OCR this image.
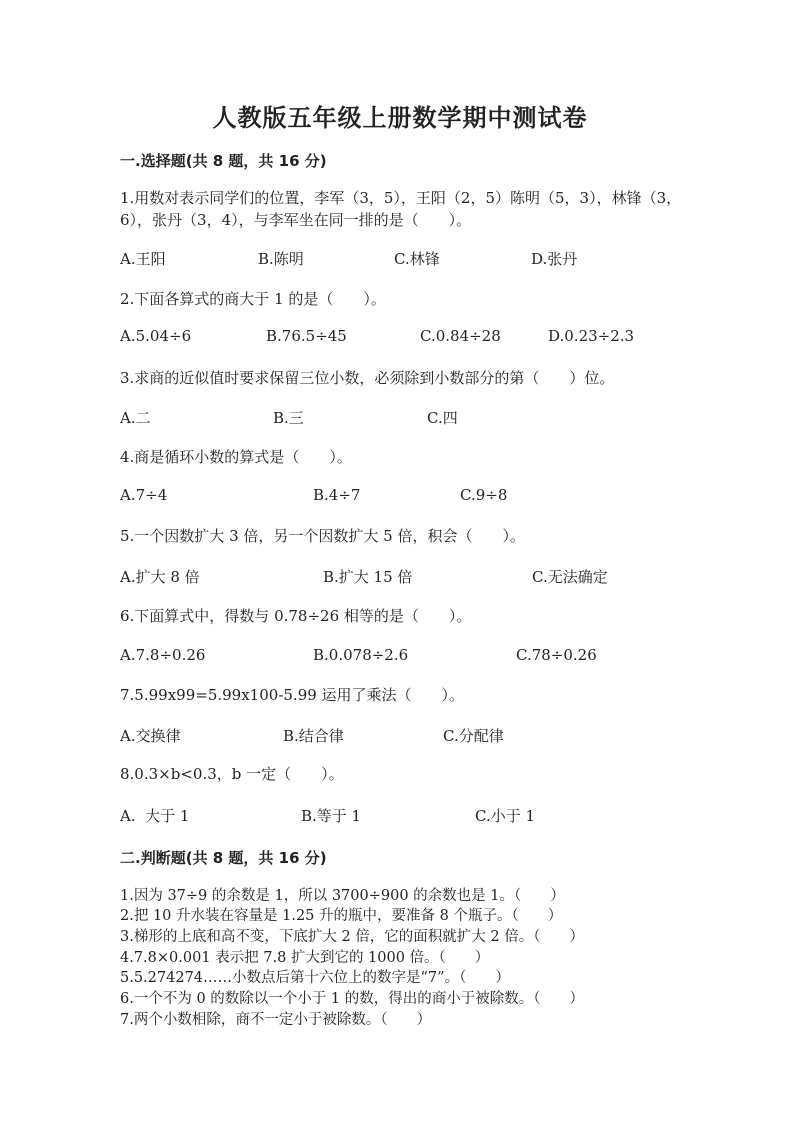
人教版五年级上册数学期中测试卷
一.选择题(共 8 题，共 16 分)
1.用数对表示同学们的位置，李军（3，5），王阳（2，5）陈明（5，3），林锋（3，6），张丹（3，4），与李军坐在同一排的是（　　）。
A.王阳	B.陈明	C.林锋	D.张丹
2.下面各算式的商大于 1 的是（　　）。
A.5.04÷6	B.76.5÷45	C.0.84÷28	D.0.23÷2.3
3.求商的近似值时要求保留三位小数，必须除到小数部分的第（　　）位。
A.二	B.三	C.四
4.商是循环小数的算式是（　　）。
A.7÷4	B.4÷7	C.9÷8
5.一个因数扩大 3 倍，另一个因数扩大 5 倍，积会（　　）。
A.扩大 8 倍	B.扩大 15 倍	C.无法确定
6.下面算式中，得数与 0.78÷26 相等的是（　　）。
A.7.8÷0.26	B.0.078÷2.6	C.78÷0.26
7.5.99x99=5.99x100-5.99 运用了乘法（　　）。
A.交换律	B.结合律	C.分配律
8.0.3×b<0.3，b 一定（　　）。
A.  大于 1	B.等于 1	C.小于 1
二.判断题(共 8 题，共 16 分)
1.因为 37÷9 的余数是 1，所以 3700÷900 的余数也是 1。（　　）
2.把 10 升水装在容量是 1.25 升的瓶中，要准备 8 个瓶子。（　　）
3.梯形的上底和高不变，下底扩大 2 倍，它的面积就扩大 2 倍。（　　）
4.7.8×0.001 表示把 7.8 扩大到它的 1000 倍。（　　）
5.5.274274……小数点后第十六位上的数字是“7”。（　　）
6.一个不为 0 的数除以一个小于 1 的数，得出的商小于被除数。（　　）
7.两个小数相除，商不一定小于被除数。（　　）
